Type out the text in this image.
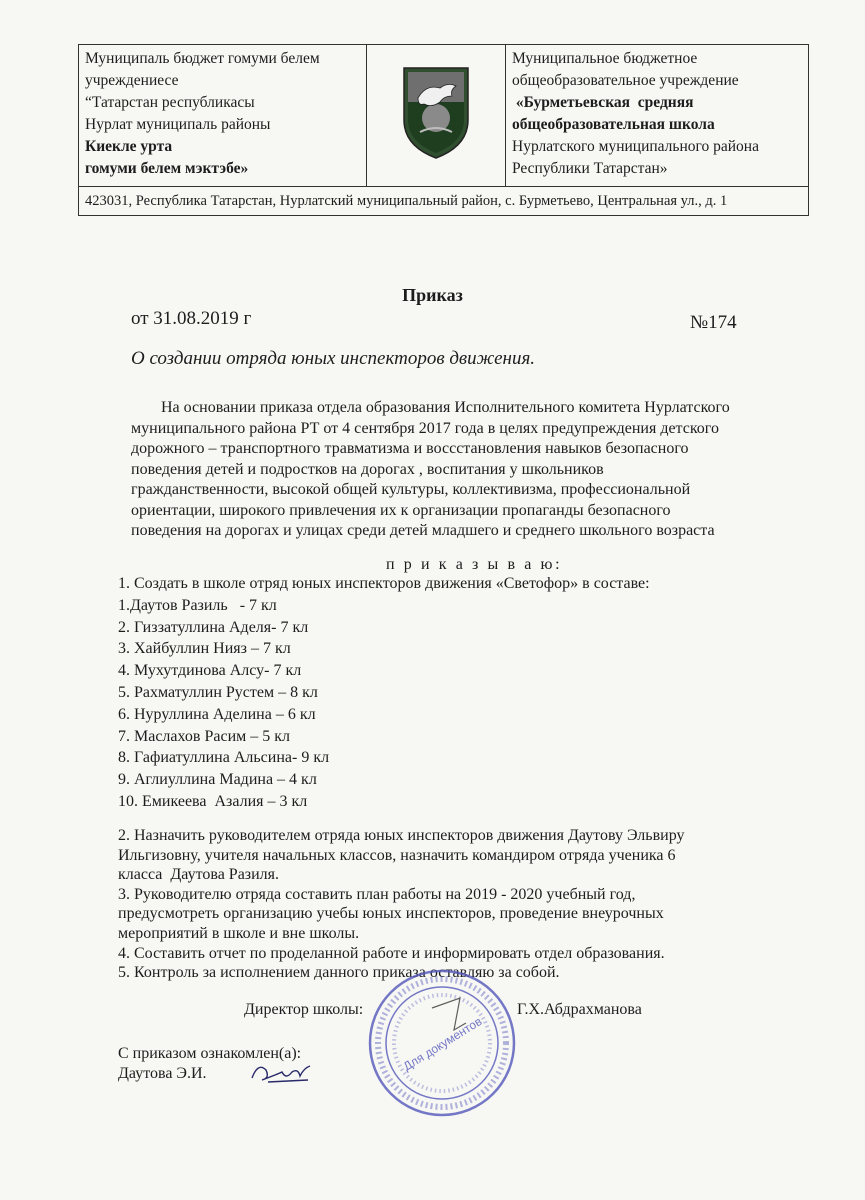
Муниципаль бюджет гомуми белем
учреждениесе
“Татарстан республикасы
Нурлат муниципаль районы
Киекле урта
гомуми белем мэктэбе»

Муниципальное бюджетное
общеобразовательное учреждение
«Бурметьевская  средняя
общеобразовательная школа
Нурлатского муниципального района
Республики Татарстан»

423031, Республика Татарстан, Нурлатский муниципальный район, с. Бурметьево, Центральная ул., д. 1
Приказ
от 31.08.2019 г	№174
О создании отряда юных инспекторов движения.
На основании приказа отдела образования Исполнительного комитета Нурлатского
муниципального района РТ от 4 сентября 2017 года в целях предупреждения детского
дорожного – транспортного травматизма и восcстановления навыков безопасного
поведения детей и подростков на дорогах , воспитания у школьников
гражданственности, высокой общей культуры, коллективизма, профессиональной
ориентации, широкого привлечения их к организации пропаганды безопасного
поведения на дорогах и улицах среди детей младшего и среднего школьного возраста
п р и к а з ы в а ю:
1. Создать в школе отряд юных инспекторов движения «Светофор» в составе:
1.Даутов Разиль   - 7 кл
2. Гиззатуллина Аделя- 7 кл
3. Хайбуллин Нияз – 7 кл
4. Мухутдинова Алсу- 7 кл
5. Рахматуллин Рустем – 8 кл
6. Нуруллина Аделина – 6 кл
7. Маслахов Расим – 5 кл
8. Гафиатуллина Альсина- 9 кл
9. Аглиуллина Мадина – 4 кл
10. Емикеева  Азалия – 3 кл
2. Назначить руководителем отряда юных инспекторов движения Даутову Эльвиру
Ильгизовну, учителя начальных классов, назначить командиром отряда ученика 6
класса  Даутова Разиля.
3. Руководителю отряда составить план работы на 2019 - 2020 учебный год,
предусмотреть организацию учебы юных инспекторов, проведение внеурочных
мероприятий в школе и вне школы.
4. Составить отчет по проделанной работе и информировать отдел образования.
5. Контроль за исполнением данного приказа оставляю за собой.
Для документов
Директор школы:	Г.Х.Абдрахманова
С приказом ознакомлен(а):
Даутова Э.И.
